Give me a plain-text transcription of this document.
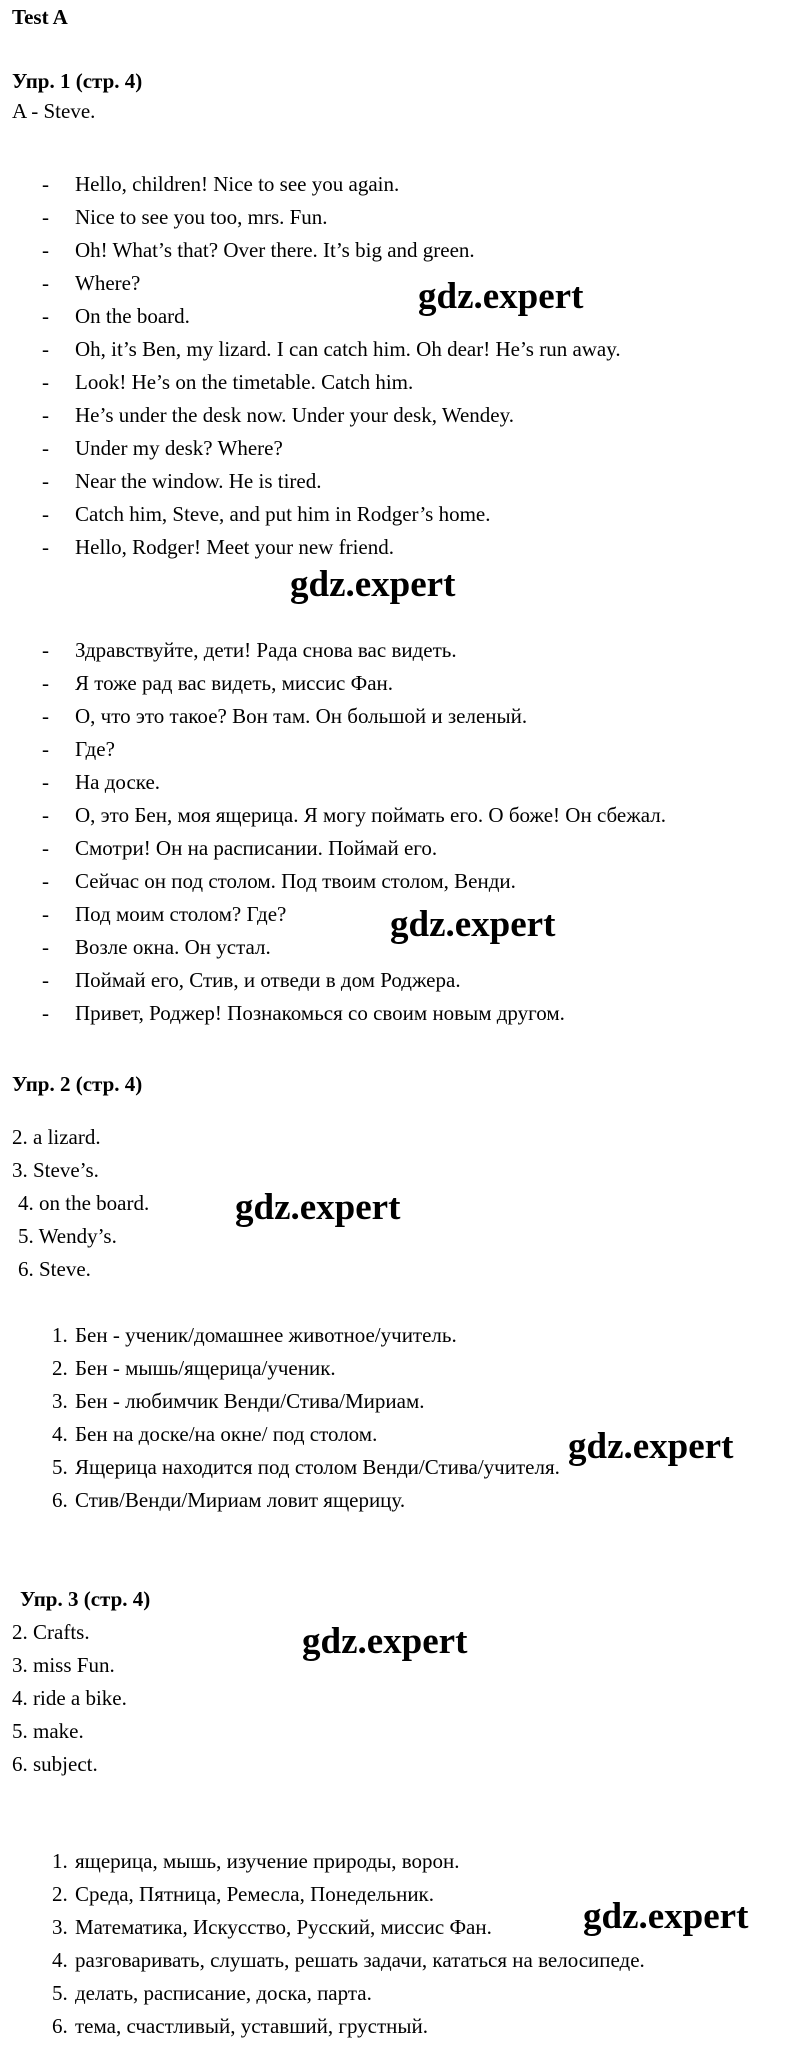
Test A
Упр. 1 (стр. 4)
A - Steve.
- Hello, children! Nice to see you again.
- Nice to see you too, mrs. Fun.
- Oh! What’s that? Over there. It’s big and green.
- Where?
- On the board.
- Oh, it’s Ben, my lizard. I can catch him. Oh dear! He’s run away.
- Look! He’s on the timetable. Catch him.
- He’s under the desk now. Under your desk, Wendey.
- Under my desk? Where?
- Near the window. He is tired.
- Catch him, Steve, and put him in Rodger’s home.
- Hello, Rodger! Meet your new friend.
- Здравствуйте, дети! Рада снова вас видеть.
- Я тоже рад вас видеть, миссис Фан.
- О, что это такое? Вон там. Он большой и зеленый.
- Где?
- На доске.
- О, это Бен, моя ящерица. Я могу поймать его. О боже! Он сбежал.
- Смотри! Он на расписании. Поймай его.
- Сейчас он под столом. Под твоим столом, Венди.
- Под моим столом? Где?
- Возле окна. Он устал.
- Поймай его, Стив, и отведи в дом Роджера.
- Привет, Роджер! Познакомься со своим новым другом.
Упр. 2 (стр. 4)
2. a lizard.
3. Steve’s.
4. on the board.
5. Wendy’s.
6. Steve.
1. Бен - ученик/домашнее животное/учитель.
2. Бен - мышь/ящерица/ученик.
3. Бен - любимчик Венди/Стива/Мириам.
4. Бен на доске/на окне/ под столом.
5. Ящерица находится под столом Венди/Стива/учителя.
6. Стив/Венди/Мириам ловит ящерицу.
Упр. 3 (стр. 4)
2. Crafts.
3. miss Fun.
4. ride a bike.
5. make.
6. subject.
1. ящерица, мышь, изучение природы, ворон.
2. Среда, Пятница, Ремесла, Понедельник.
3. Математика, Искусство, Русский, миссис Фан.
4. разговаривать, слушать, решать задачи, кататься на велосипеде.
5. делать, расписание, доска, парта.
6. тема, счастливый, уставший, грустный.
gdz.expert
gdz.expert
gdz.expert
gdz.expert
gdz.expert
gdz.expert
gdz.expert
